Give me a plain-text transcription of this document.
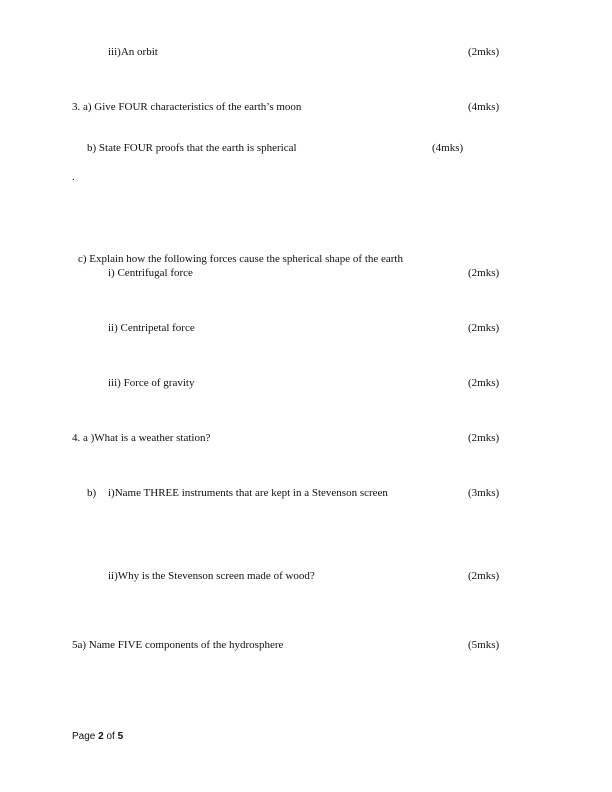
iii)An orbit	(2mks)
3. a) Give FOUR characteristics of the earth’s moon	(4mks)
b) State FOUR proofs that the earth is spherical	(4mks)
.
c) Explain how the following forces cause the spherical shape of the earth
i) Centrifugal force	(2mks)
ii) Centripetal force	(2mks)
iii) Force of gravity	(2mks)
4. a )What is a weather station?	(2mks)
b) i)Name THREE instruments that are kept in a Stevenson screen	(3mks)
ii)Why is the Stevenson screen made of wood?	(2mks)
5a) Name FIVE components of the hydrosphere	(5mks)
Page 2 of 5
